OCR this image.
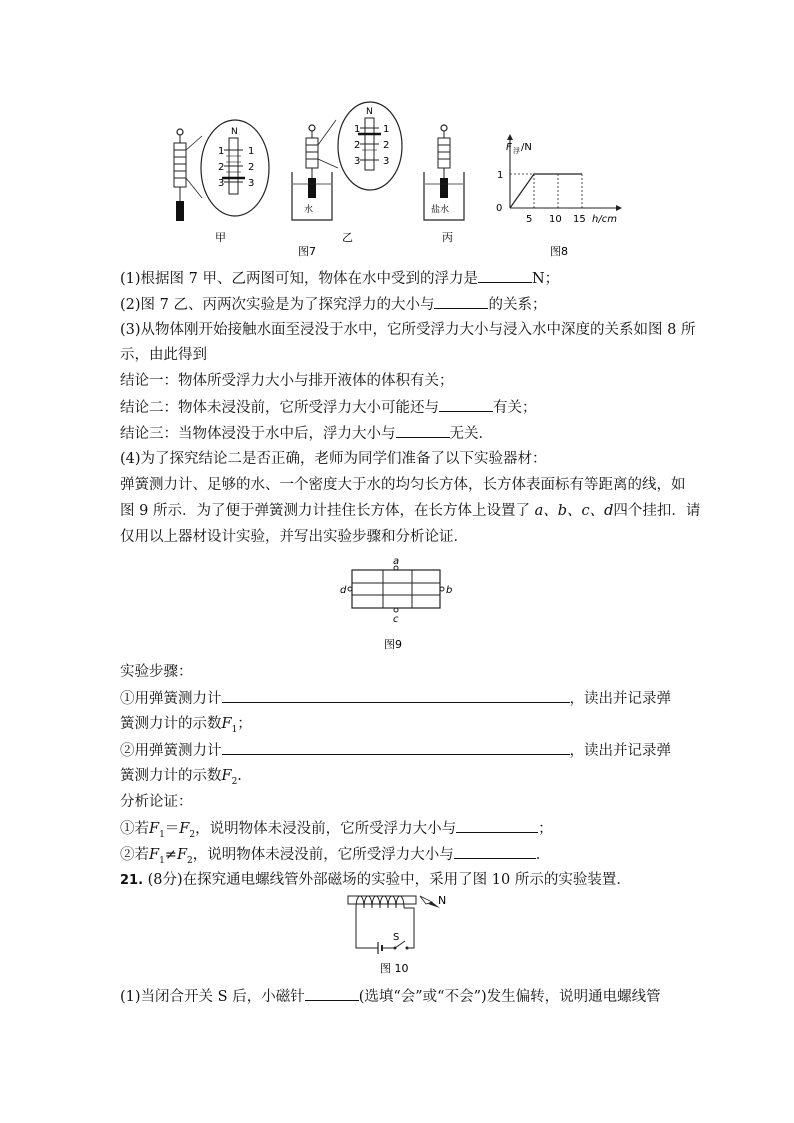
N
1
2
3
1
2
3
甲
水
N
1
2
3
1
2
3
乙
图7
盐水
丙
F 浮 /N
1
0
5 10 15 h/cm
图8
(1)根据图 7 甲、乙两图可知，物体在水中受到的浮力是	N；
(2)图 7 乙、丙两次实验是为了探究浮力的大小与	的关系；
(3)从物体刚开始接触水面至浸没于水中，它所受浮力大小与浸入水中深度的关系如图 8 所
示，由此得到
结论一：物体所受浮力大小与排开液体的体积有关；
结论二：物体未浸没前，它所受浮力大小可能还与	有关；
结论三：当物体浸没于水中后，浮力大小与	无关．
(4)为了探究结论二是否正确，老师为同学们准备了以下实验器材：
弹簧测力计、足够的水、一个密度大于水的均匀长方体，长方体表面标有等距离的线，如
图 9 所示．为了便于弹簧测力计挂住长方体，在长方体上设置了 a、b、c、d四个挂扣．请
仅用以上器材设计实验，并写出实验步骤和分析论证．
a
b
c
d
图9
实验步骤：
①用弹簧测力计	，读出并记录弹
簧测力计的示数$F_1$；
②用弹簧测力计	，读出并记录弹
簧测力计的示数$F_2$.
分析论证：
①若$F_1=F_2$，说明物体未浸没前，它所受浮力大小与	；
②若$F_1\ne F_2$，说明物体未浸没前，它所受浮力大小与	．
21. (8分)在探究通电螺线管外部磁场的实验中，采用了图 10 所示的实验装置．
S
N
图 10
(1)当闭合开关 S 后，小磁针	(选填“会”或“不会”)发生偏转，说明通电螺线管
